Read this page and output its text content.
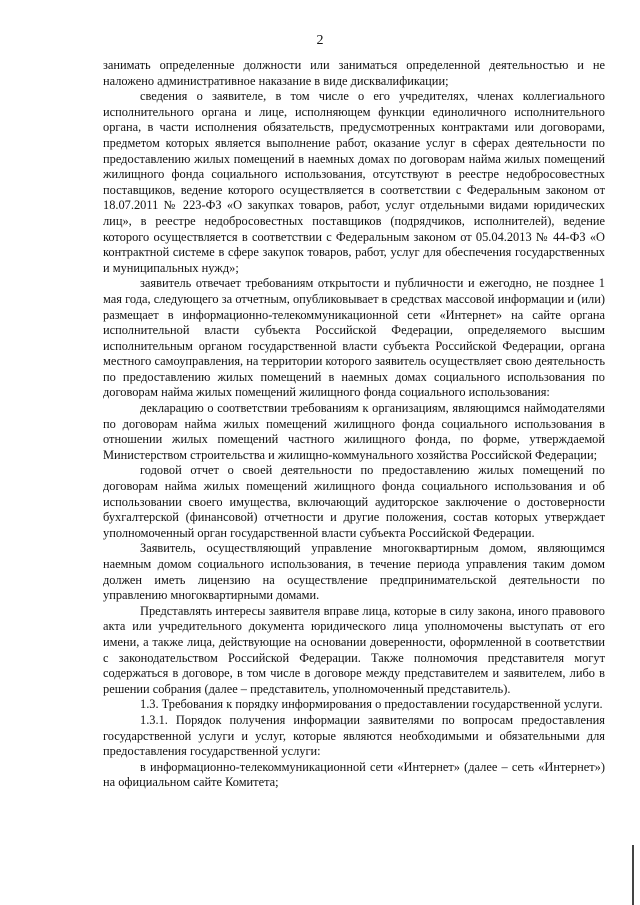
2

занимать определенные должности или заниматься определенной деятельностью и не наложено административное наказание в виде дисквалификации;

сведения о заявителе, в том числе о его учредителях, членах коллегиального исполнительного органа и лице, исполняющем функции единоличного исполнительного органа, в части исполнения обязательств, предусмотренных контрактами или договорами, предметом которых является выполнение работ, оказание услуг в сферах деятельности по предоставлению жилых помещений в наемных домах по договорам найма жилых помещений жилищного фонда социального использования, отсутствуют в реестре недобросовестных поставщиков, ведение которого осуществляется в соответствии с Федеральным законом от 18.07.2011 № 223-ФЗ «О закупках товаров, работ, услуг отдельными видами юридических лиц», в реестре недобросовестных поставщиков (подрядчиков, исполнителей), ведение которого осуществляется в соответствии с Федеральным законом от 05.04.2013 № 44-ФЗ «О контрактной системе в сфере закупок товаров, работ, услуг для обеспечения государственных и муниципальных нужд»;

заявитель отвечает требованиям открытости и публичности и ежегодно, не позднее 1 мая года, следующего за отчетным, опубликовывает в средствах массовой информации и (или) размещает в информационно-телекоммуникационной сети «Интернет» на сайте органа исполнительной власти субъекта Российской Федерации, определяемого высшим исполнительным органом государственной власти субъекта Российской Федерации, органа местного самоуправления, на территории которого заявитель осуществляет свою деятельность по предоставлению жилых помещений в наемных домах социального использования по договорам найма жилых помещений жилищного фонда социального использования:

декларацию о соответствии требованиям к организациям, являющимся наймодателями по договорам найма жилых помещений жилищного фонда социального использования в отношении жилых помещений частного жилищного фонда, по форме, утверждаемой Министерством строительства и жилищно-коммунального хозяйства Российской Федерации;

годовой отчет о своей деятельности по предоставлению жилых помещений по договорам найма жилых помещений жилищного фонда социального использования и об использовании своего имущества, включающий аудиторское заключение о достоверности бухгалтерской (финансовой) отчетности и другие положения, состав которых утверждает уполномоченный орган государственной власти субъекта Российской Федерации.

Заявитель, осуществляющий управление многоквартирным домом, являющимся наемным домом социального использования, в течение периода управления таким домом должен иметь лицензию на осуществление предпринимательской деятельности по управлению многоквартирными домами.

Представлять интересы заявителя вправе лица, которые в силу закона, иного правового акта или учредительного документа юридического лица уполномочены выступать от его имени, а также лица, действующие на основании доверенности, оформленной в соответствии с законодательством Российской Федерации. Также полномочия представителя могут содержаться в договоре, в том числе в договоре между представителем и заявителем, либо в решении собрания (далее – представитель, уполномоченный представитель).

1.3. Требования к порядку информирования о предоставлении государственной услуги.

1.3.1. Порядок получения информации заявителями по вопросам предоставления государственной услуги и услуг, которые являются необходимыми и обязательными для предоставления государственной услуги:

в информационно-телекоммуникационной сети «Интернет» (далее – сеть «Интернет») на официальном сайте Комитета;
